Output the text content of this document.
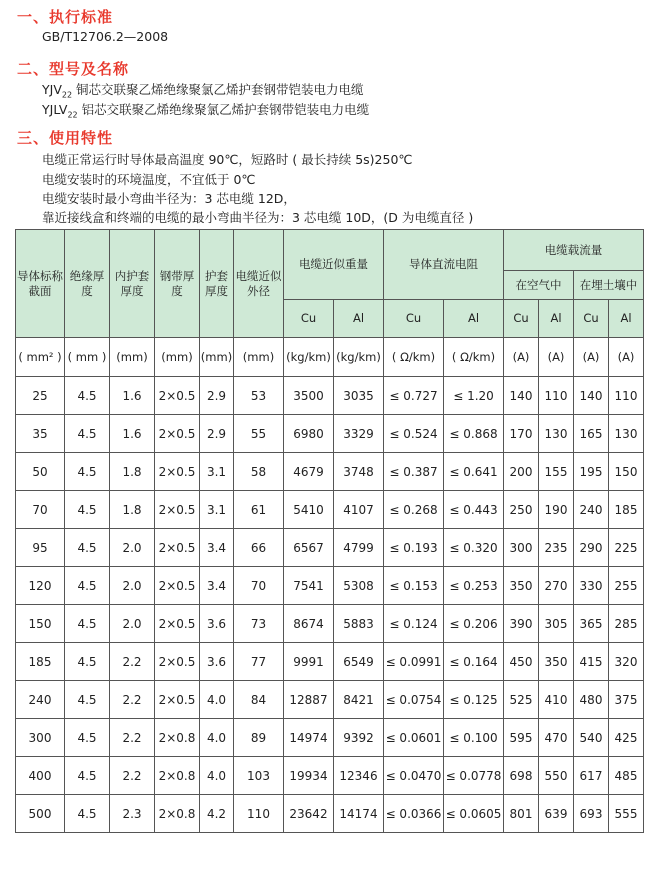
一、执行标准
GB/T12706.2—2008
二、型号及名称
$YJV_{22}$ 铜芯交联聚乙烯绝缘聚氯乙烯护套钢带铠装电力电缆
$YJLV_{22}$ 铝芯交联聚乙烯绝缘聚氯乙烯护套钢带铠装电力电缆
三、使用特性
电缆正常运行时导体最高温度 90℃，短路时 ( 最长持续 5s)250℃
电缆安装时的环境温度，不宜低于 0℃
电缆安装时最小弯曲半径为：3 芯电缆 12D，
靠近接线盒和终端的电缆的最小弯曲半径为：3 芯电缆 10D，(D 为电缆直径 )
导体标称截面	绝缘厚度	内护套厚度	钢带厚度	护套厚度	电缆近似外径	电缆近似重量		导体直流电阻		电缆载流量			
										在空气中		在埋土壤中	
						Cu	Al	Cu	Al	Cu	Al	Cu	Al
( mm² )	( mm )	(mm)	(mm)	(mm)	(mm)	(kg/km)	(kg/km)	( Ω/km)	( Ω/km)	(A)	(A)	(A)	(A)
25	4.5	1.6	2×0.5	2.9	53	3500	3035	≤ 0.727	≤ 1.20	140	110	140	110
35	4.5	1.6	2×0.5	2.9	55	6980	3329	≤ 0.524	≤ 0.868	170	130	165	130
50	4.5	1.8	2×0.5	3.1	58	4679	3748	≤ 0.387	≤ 0.641	200	155	195	150
70	4.5	1.8	2×0.5	3.1	61	5410	4107	≤ 0.268	≤ 0.443	250	190	240	185
95	4.5	2.0	2×0.5	3.4	66	6567	4799	≤ 0.193	≤ 0.320	300	235	290	225
120	4.5	2.0	2×0.5	3.4	70	7541	5308	≤ 0.153	≤ 0.253	350	270	330	255
150	4.5	2.0	2×0.5	3.6	73	8674	5883	≤ 0.124	≤ 0.206	390	305	365	285
185	4.5	2.2	2×0.5	3.6	77	9991	6549	≤ 0.0991	≤ 0.164	450	350	415	320
240	4.5	2.2	2×0.5	4.0	84	12887	8421	≤ 0.0754	≤ 0.125	525	410	480	375
300	4.5	2.2	2×0.8	4.0	89	14974	9392	≤ 0.0601	≤ 0.100	595	470	540	425
400	4.5	2.2	2×0.8	4.0	103	19934	12346	≤ 0.0470	≤ 0.0778	698	550	617	485
500	4.5	2.3	2×0.8	4.2	110	23642	14174	≤ 0.0366	≤ 0.0605	801	639	693	555
